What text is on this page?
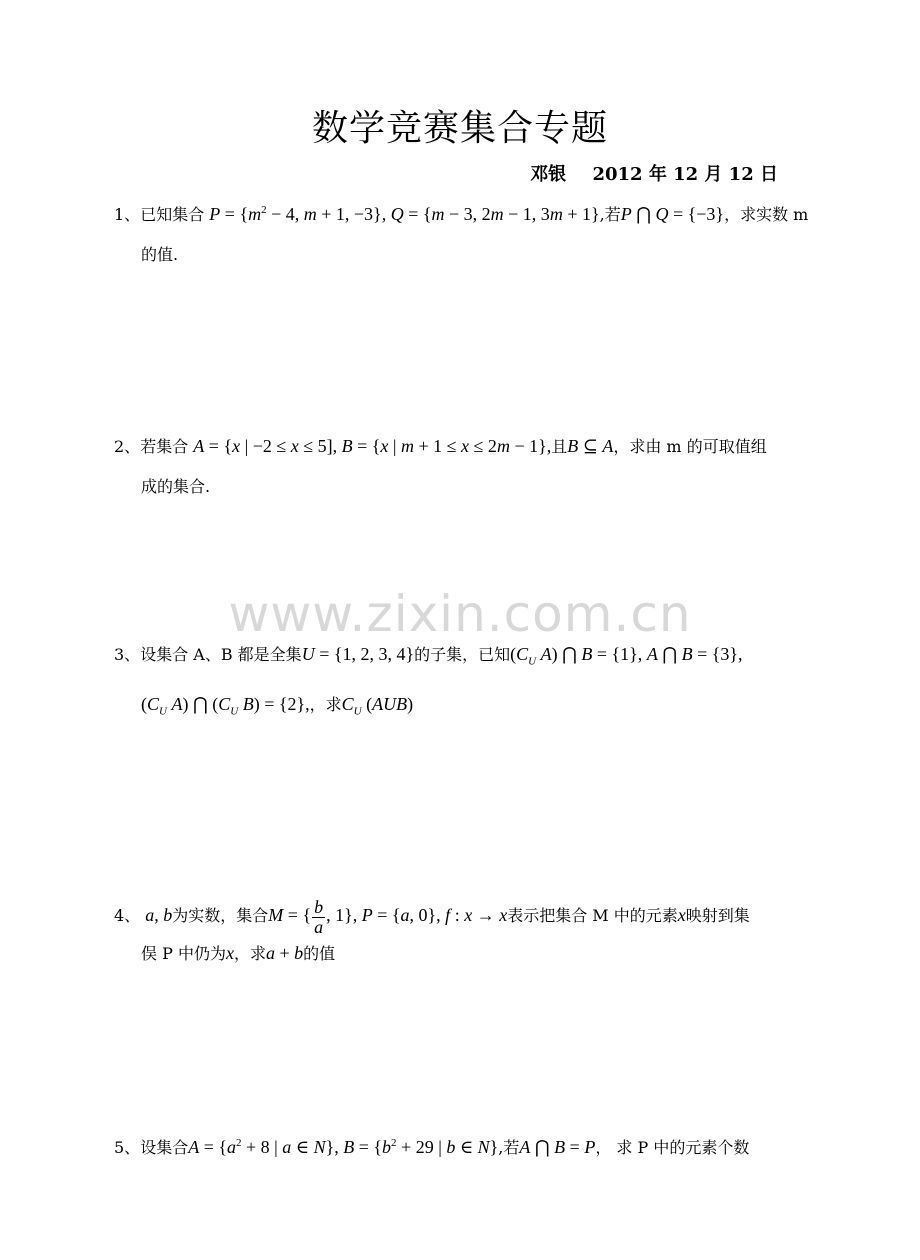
数学竞赛集合专题
邓银 2012 年 12 月 12 日
1、已知集合 $P = \{m^2 - 4$, m + 1, −3}, Q = {m − 3, 2m − 1, 3m + 1},若P ⋂ Q = {−3}，求实数 m
的值.
2、若集合 A = {x | −2 ≤ x ≤ 5], B = {x | m + 1 ≤ x ≤ 2m − 1},且B ⊆ A，求由 m 的可取值组
成的集合.
3、设集合 A、B 都是全集U = {1, 2, 3, 4}的子集，已知($C_U$ A) ⋂ B = {1}, A ⋂ B = {3},
($C_U$ A) ⋂ ($C_U$ B) = {2},，求$C_U$ (AUB)
4、 a, b为实数，集合M = { $\frac{b}{a}$ , 1}, P = {a, 0}, f : x → x表示把集合 M 中的元素x映射到集
俣 P 中仍为x，求a + b的值
5、设集合$A = \{a^2 + 8$ | a ∈ N}, $B = \{b^2 + 29$ | b ∈ N},若A ⋂ B = P， 求 P 中的元素个数
www.zixin.com.cn
